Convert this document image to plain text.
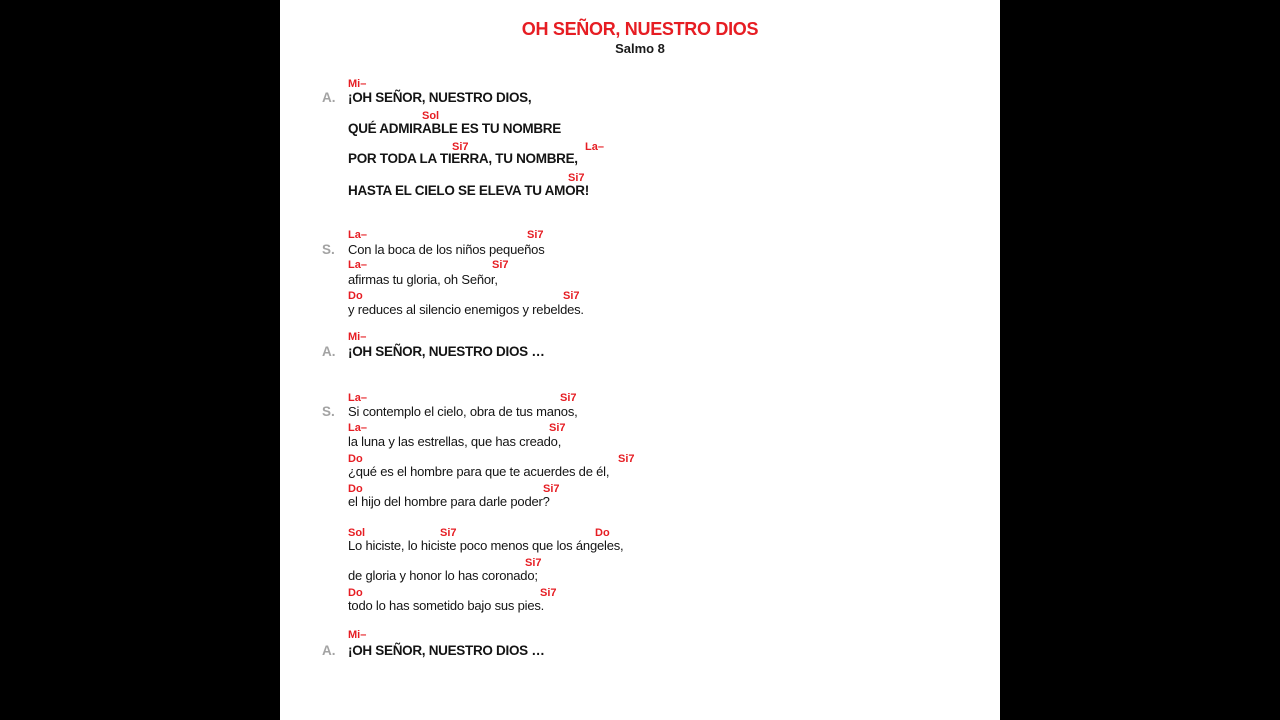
OH SEÑOR, NUESTRO DIOS
Salmo 8
Mi–
A. ¡OH SEÑOR, NUESTRO DIOS,
Sol
QUÉ ADMIRABLE ES TU NOMBRE
Si7	La–
POR TODA LA TIERRA, TU NOMBRE,
Si7
HASTA EL CIELO SE ELEVA TU AMOR!
La–	Si7
S. Con la boca de los niños pequeños
La–	Si7
afirmas tu gloria, oh Señor,
Do	Si7
y reduces al silencio enemigos y rebeldes.
Mi–
A. ¡OH SEÑOR, NUESTRO DIOS …
La–	Si7
S. Si contemplo el cielo, obra de tus manos,
La–	Si7
la luna y las estrellas, que has creado,
Do	Si7
¿qué es el hombre para que te acuerdes de él,
Do	Si7
el hijo del hombre para darle poder?
Sol	Si7	Do
Lo hiciste, lo hiciste poco menos que los ángeles,
Si7
de gloria y honor lo has coronado;
Do	Si7
todo lo has sometido bajo sus pies.
Mi–
A. ¡OH SEÑOR, NUESTRO DIOS …
